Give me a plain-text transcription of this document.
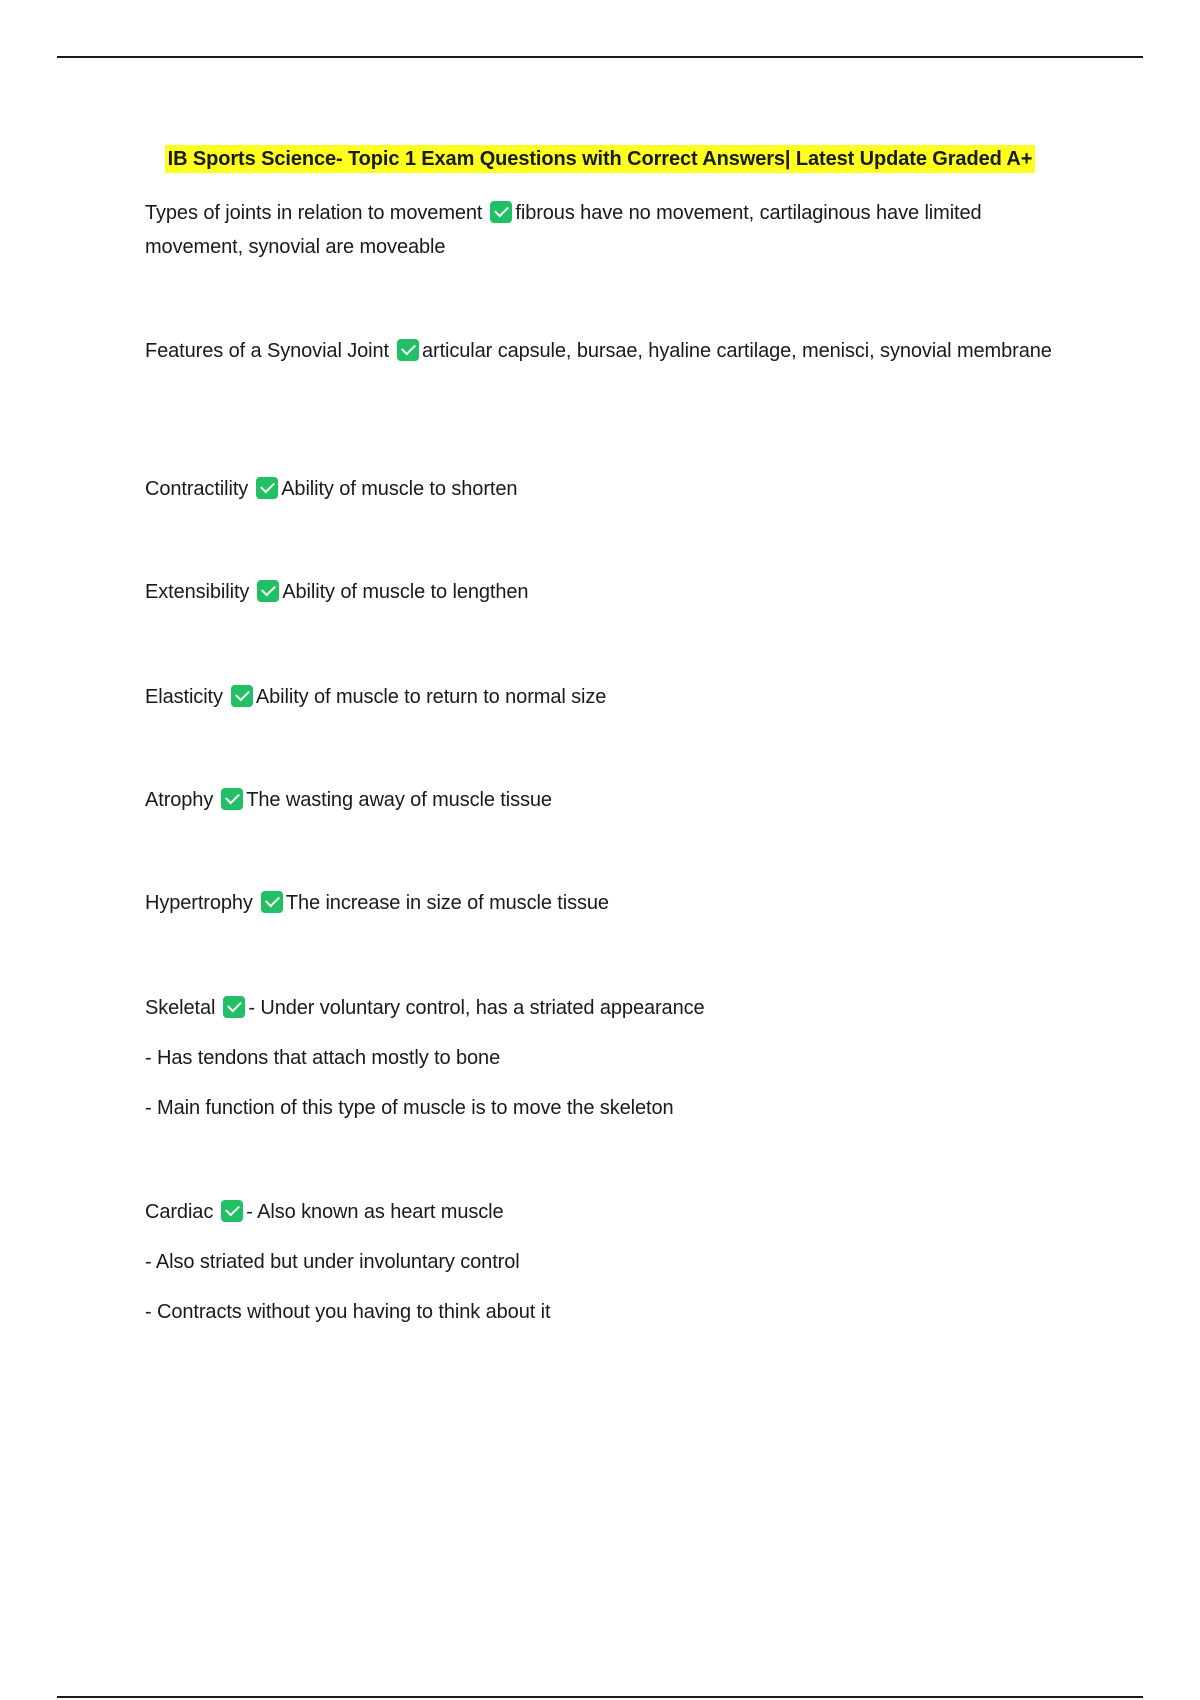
IB Sports Science- Topic 1 Exam Questions with Correct Answers| Latest Update Graded A+
Types of joints in relation to movement fibrous have no movement, cartilaginous have limited movement, synovial are moveable
Features of a Synovial Joint articular capsule, bursae, hyaline cartilage, menisci, synovial membrane
Contractility Ability of muscle to shorten
Extensibility Ability of muscle to lengthen
Elasticity Ability of muscle to return to normal size
Atrophy The wasting away of muscle tissue
Hypertrophy The increase in size of muscle tissue
Skeletal - Under voluntary control, has a striated appearance
- Has tendons that attach mostly to bone
- Main function of this type of muscle is to move the skeleton
Cardiac - Also known as heart muscle
- Also striated but under involuntary control
- Contracts without you having to think about it
